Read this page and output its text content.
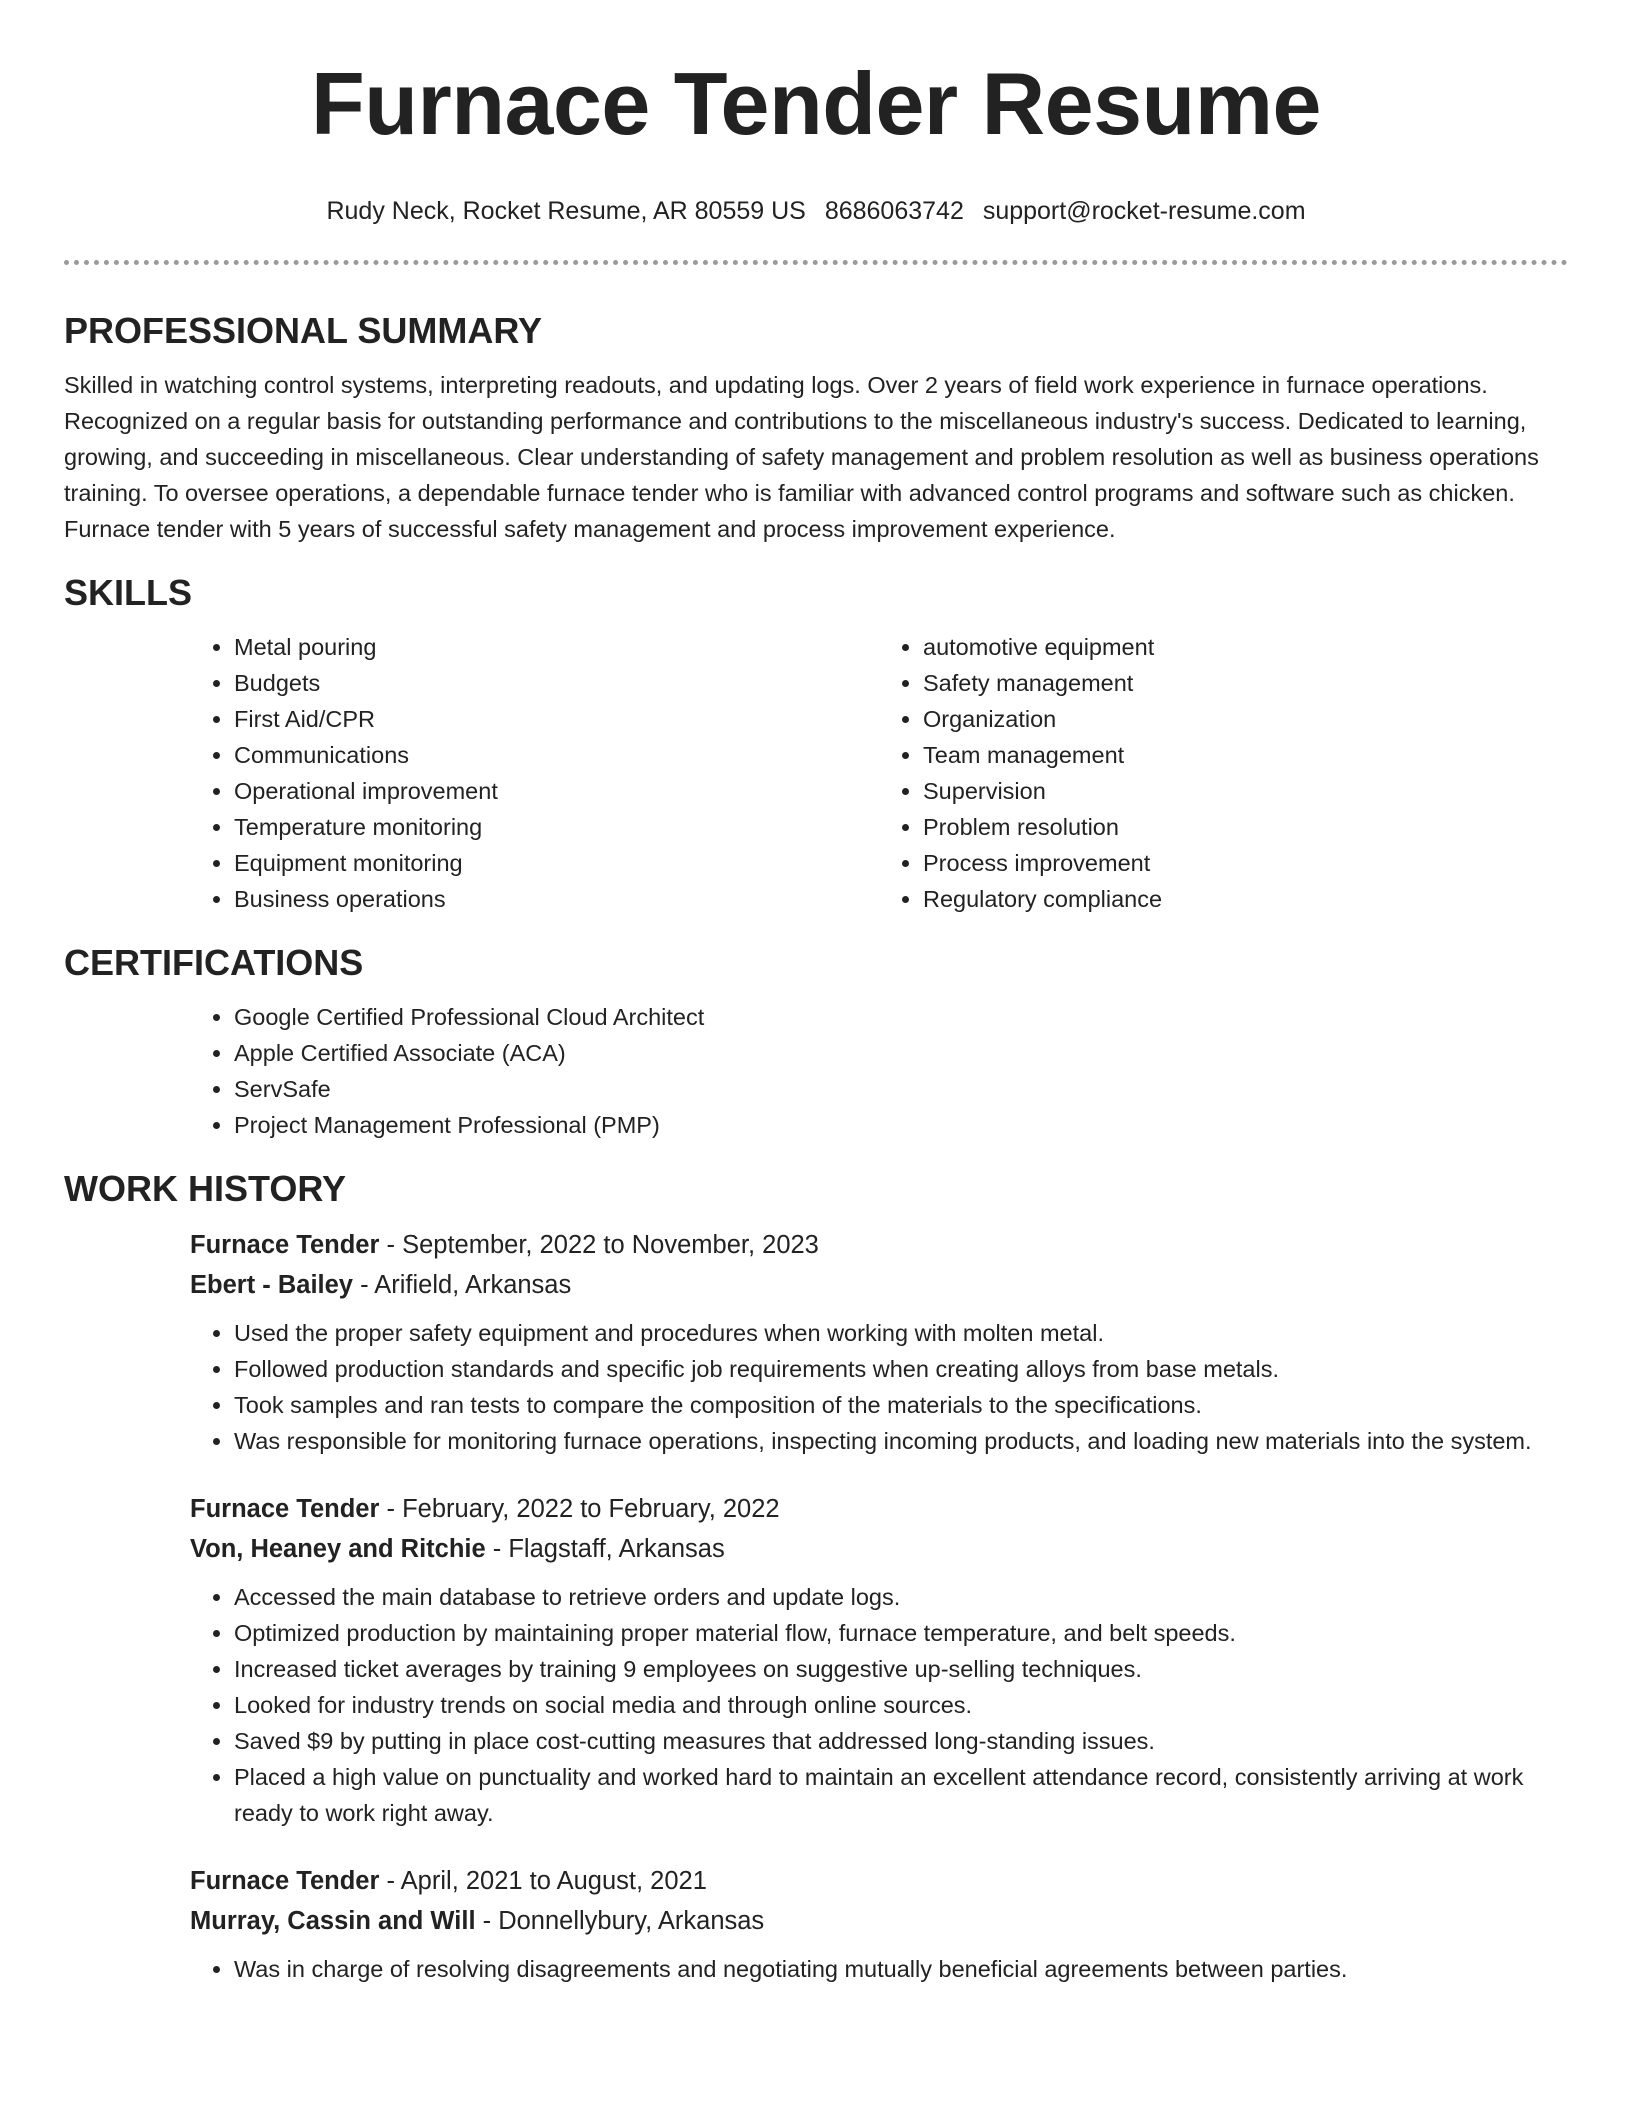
Furnace Tender Resume
Rudy Neck, Rocket Resume, AR 80559 US 8686063742 support@rocket-resume.com
PROFESSIONAL SUMMARY

Skilled in watching control systems, interpreting readouts, and updating logs. Over 2 years of field work experience in furnace operations. Recognized on a regular basis for outstanding performance and contributions to the miscellaneous industry's success. Dedicated to learning, growing, and succeeding in miscellaneous. Clear understanding of safety management and problem resolution as well as business operations training. To oversee operations, a dependable furnace tender who is familiar with advanced control programs and software such as chicken. Furnace tender with 5 years of successful safety management and process improvement experience.

SKILLS
• Metal pouring
• Budgets
• First Aid/CPR
• Communications
• Operational improvement
• Temperature monitoring
• Equipment monitoring
• Business operations
• automotive equipment
• Safety management
• Organization
• Team management
• Supervision
• Problem resolution
• Process improvement
• Regulatory compliance
CERTIFICATIONS
• Google Certified Professional Cloud Architect
• Apple Certified Associate (ACA)
• ServSafe
• Project Management Professional (PMP)
WORK HISTORY
Furnace Tender - September, 2022 to November, 2023
Ebert - Bailey - Arifield, Arkansas
• Used the proper safety equipment and procedures when working with molten metal.
• Followed production standards and specific job requirements when creating alloys from base metals.
• Took samples and ran tests to compare the composition of the materials to the specifications.
• Was responsible for monitoring furnace operations, inspecting incoming products, and loading new materials into the system.
Furnace Tender - February, 2022 to February, 2022
Von, Heaney and Ritchie - Flagstaff, Arkansas
• Accessed the main database to retrieve orders and update logs.
• Optimized production by maintaining proper material flow, furnace temperature, and belt speeds.
• Increased ticket averages by training 9 employees on suggestive up-selling techniques.
• Looked for industry trends on social media and through online sources.
• Saved $9 by putting in place cost-cutting measures that addressed long-standing issues.
• Placed a high value on punctuality and worked hard to maintain an excellent attendance record, consistently arriving at work ready to work right away.
Furnace Tender - April, 2021 to August, 2021
Murray, Cassin and Will - Donnellybury, Arkansas
• Was in charge of resolving disagreements and negotiating mutually beneficial agreements between parties.
